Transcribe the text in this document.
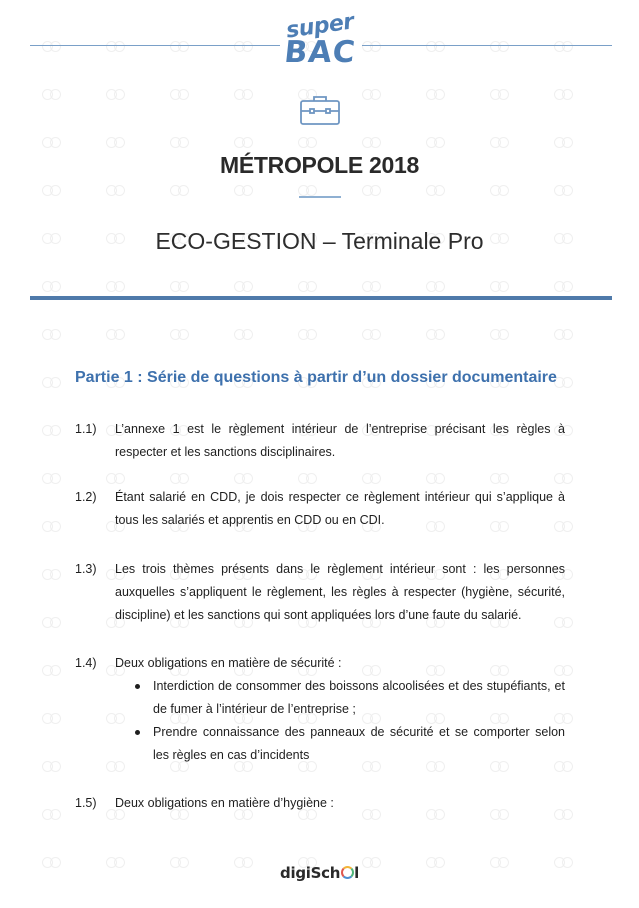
super
BAC
MÉTROPOLE 2018
ECO-GESTION – Terminale Pro
Partie 1 : Série de questions à partir d’un dossier documentaire
1.1)	L’annexe 1 est le règlement intérieur de l’entreprise précisant les règles à respecter et les sanctions disciplinaires.
1.2)	Étant salarié en CDD, je dois respecter ce règlement intérieur qui s’applique à tous les salariés et apprentis en CDD ou en CDI.
1.3)	Les trois thèmes présents dans le règlement intérieur sont : les personnes auxquelles s’appliquent le règlement, les règles à respecter (hygiène, sécurité, discipline) et les sanctions qui sont appliquées lors d’une faute du salarié.
1.4)	Deux obligations en matière de sécurité :
Interdiction de consommer des boissons alcoolisées et des stupéfiants, et de fumer à l’intérieur de l’entreprise ;
Prendre connaissance des panneaux de sécurité et se comporter selon les règles en cas d’incidents
1.5)	Deux obligations en matière d’hygiène :
digiSch l
